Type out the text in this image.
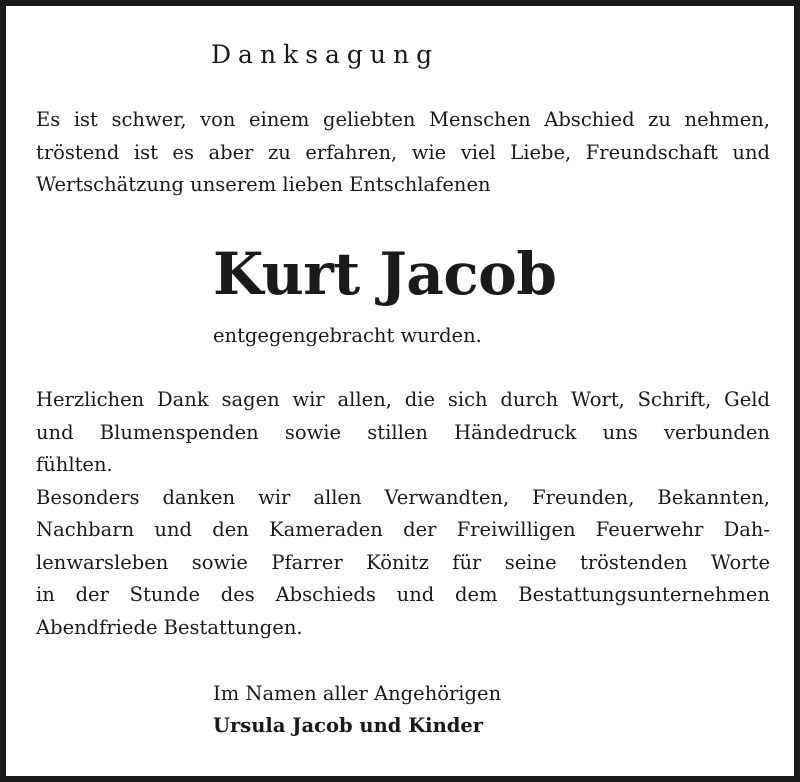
Danksagung
Es ist schwer, von einem geliebten Menschen Abschied zu nehmen,
tröstend ist es aber zu erfahren, wie viel Liebe, Freundschaft und
Wertschätzung unserem lieben Entschlafenen
Kurt Jacob
entgegengebracht wurden.
Herzlichen Dank sagen wir allen, die sich durch Wort, Schrift, Geld
und Blumenspenden sowie stillen Händedruck uns verbunden
fühlten.
Besonders danken wir allen Verwandten, Freunden, Bekannten,
Nachbarn und den Kameraden der Freiwilligen Feuerwehr Dah-
lenwarsleben sowie Pfarrer Könitz für seine tröstenden Worte
in der Stunde des Abschieds und dem Bestattungsunternehmen
Abendfriede Bestattungen.
Im Namen aller Angehörigen
Ursula Jacob und Kinder
